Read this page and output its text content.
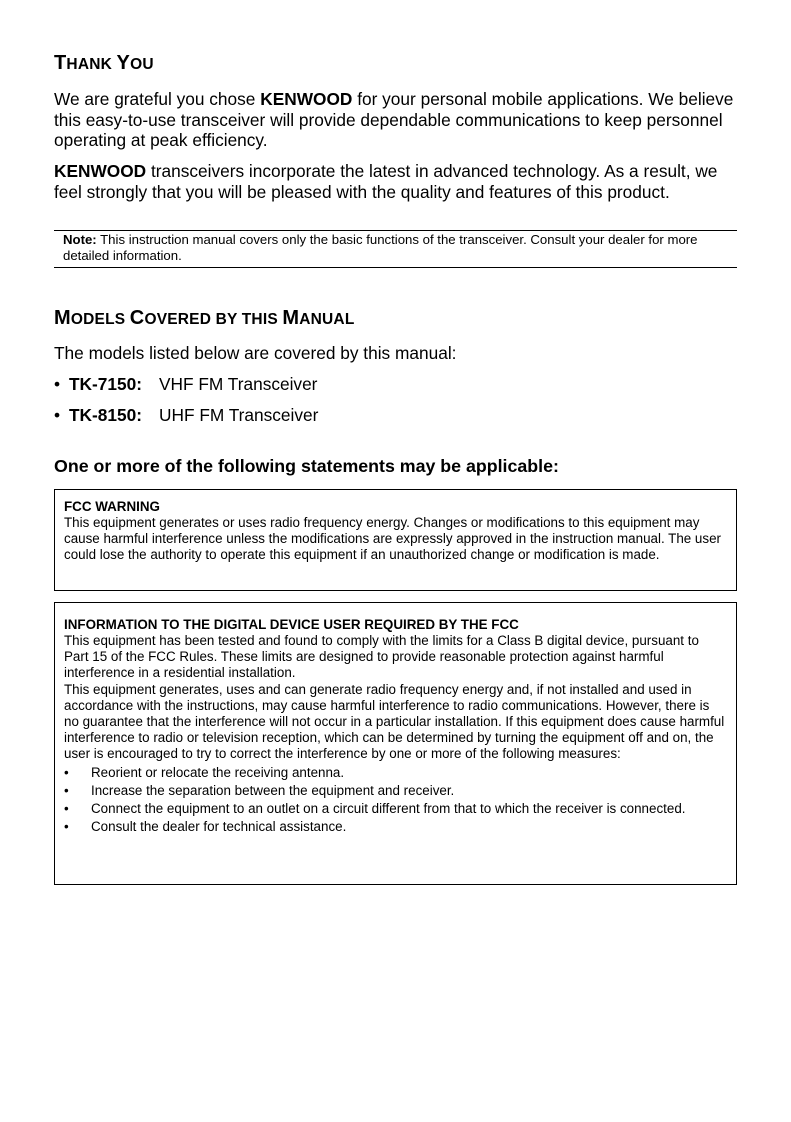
THANK YOU

We are grateful you chose KENWOOD for your personal mobile applications. We believe this easy-to-use transceiver will provide dependable communications to keep personnel operating at peak efficiency.

KENWOOD transceivers incorporate the latest in advanced technology. As a result, we feel strongly that you will be pleased with the quality and features of this product.

Note: This instruction manual covers only the basic functions of the transceiver. Consult your dealer for more detailed information.

MODELS COVERED BY THIS MANUAL

The models listed below are covered by this manual:

• TK-7150: VHF FM Transceiver
• TK-8150: UHF FM Transceiver
One or more of the following statements may be applicable:

FCC WARNING

This equipment generates or uses radio frequency energy. Changes or modifications to this equipment may cause harmful interference unless the modifications are expressly approved in the instruction manual. The user could lose the authority to operate this equipment if an unauthorized change or modification is made.

INFORMATION TO THE DIGITAL DEVICE USER REQUIRED BY THE FCC

This equipment has been tested and found to comply with the limits for a Class B digital device, pursuant to Part 15 of the FCC Rules. These limits are designed to provide reasonable protection against harmful interference in a residential installation.

This equipment generates, uses and can generate radio frequency energy and, if not installed and used in accordance with the instructions, may cause harmful interference to radio communications. However, there is no guarantee that the interference will not occur in a particular installation. If this equipment does cause harmful interference to radio or television reception, which can be determined by turning the equipment off and on, the user is encouraged to try to correct the interference by one or more of the following measures:

• Reorient or relocate the receiving antenna.
• Increase the separation between the equipment and receiver.
• Connect the equipment to an outlet on a circuit different from that to which the receiver is connected.
• Consult the dealer for technical assistance.
